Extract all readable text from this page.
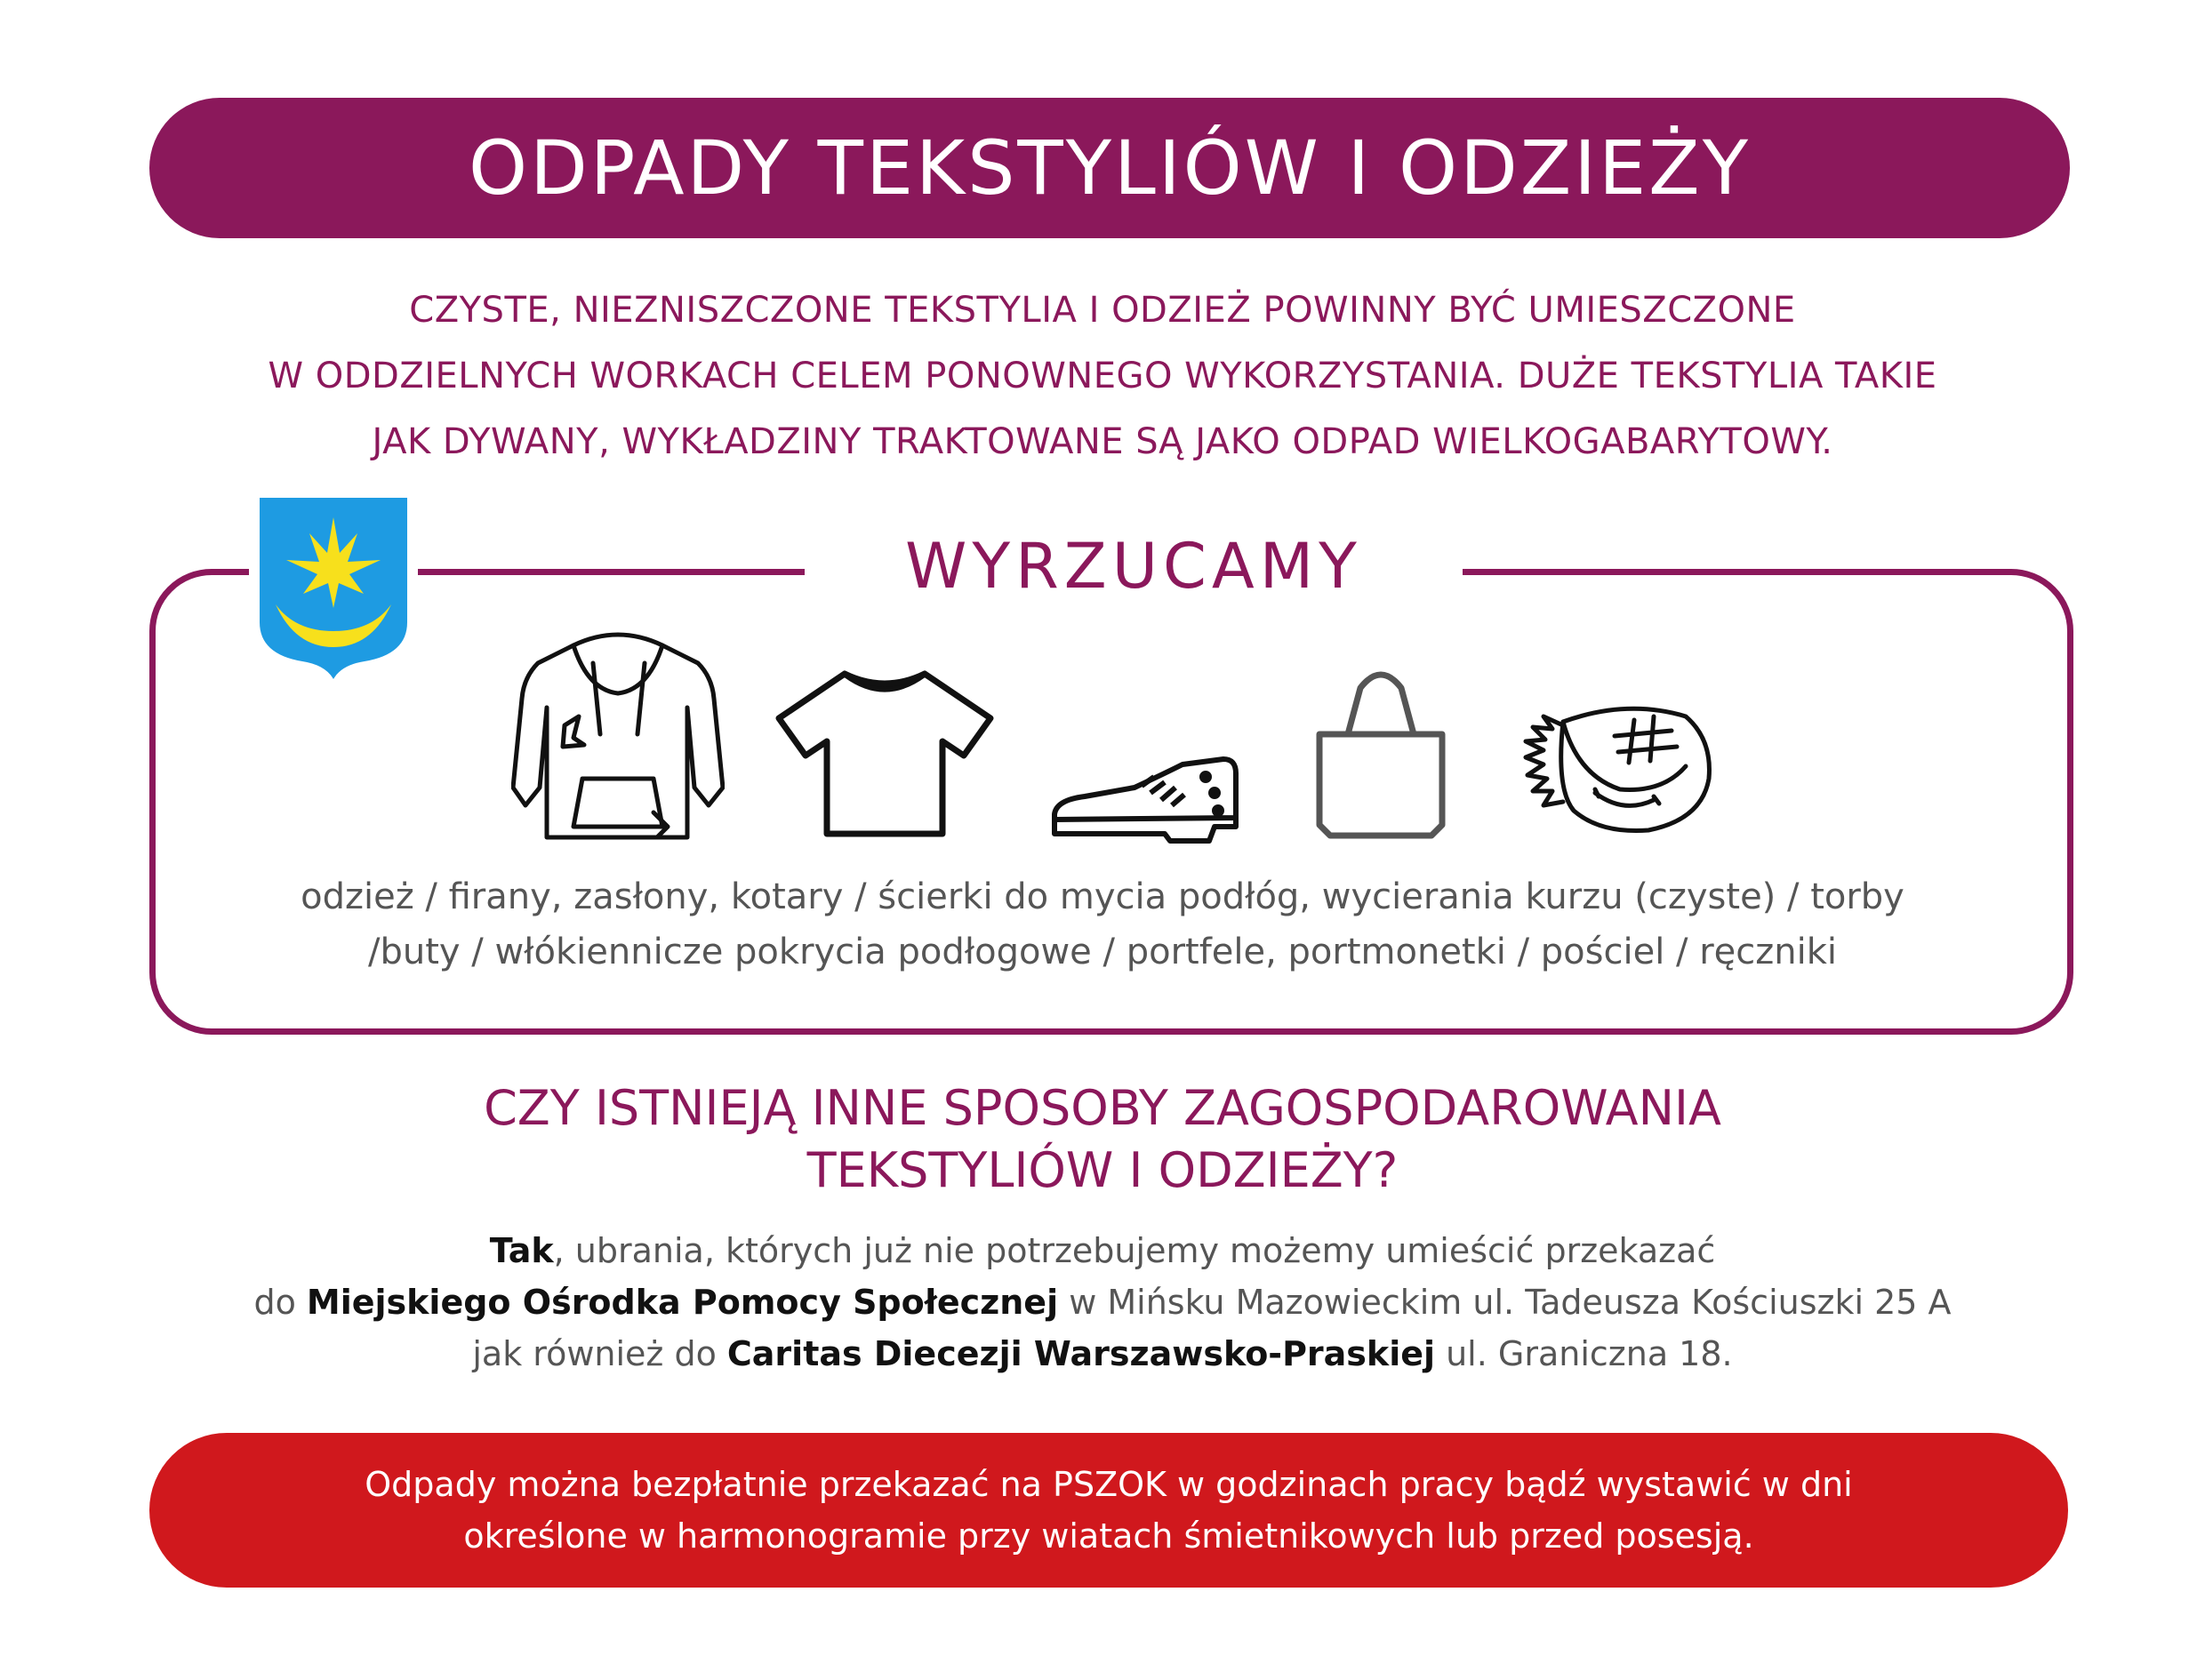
ODPADY TEKSTYLIÓW I ODZIEŻY
CZYSTE, NIEZNISZCZONE TEKSTYLIA I ODZIEŻ POWINNY BYĆ UMIESZCZONE
W ODDZIELNYCH WORKACH CELEM PONOWNEGO WYKORZYSTANIA. DUŻE TEKSTYLIA TAKIE
JAK DYWANY, WYKŁADZINY TRAKTOWANE SĄ JAKO ODPAD WIELKOGABARYTOWY.
WYRZUCAMY
odzież / firany, zasłony, kotary / ścierki do mycia podłóg, wycierania kurzu (czyste) / torby
/buty / włókiennicze pokrycia podłogowe / portfele, portmonetki / pościel / ręczniki
CZY ISTNIEJĄ INNE SPOSOBY ZAGOSPODAROWANIA
TEKSTYLIÓW I ODZIEŻY?
Tak, ubrania, których już nie potrzebujemy możemy umieścić przekazać
do Miejskiego Ośrodka Pomocy Społecznej w Mińsku Mazowieckim ul. Tadeusza Kościuszki 25 A
jak również do Caritas Diecezji Warszawsko-Praskiej ul. Graniczna 18.
Odpady można bezpłatnie przekazać na PSZOK w godzinach pracy bądź wystawić w dni
określone w harmonogramie przy wiatach śmietnikowych lub przed posesją.
